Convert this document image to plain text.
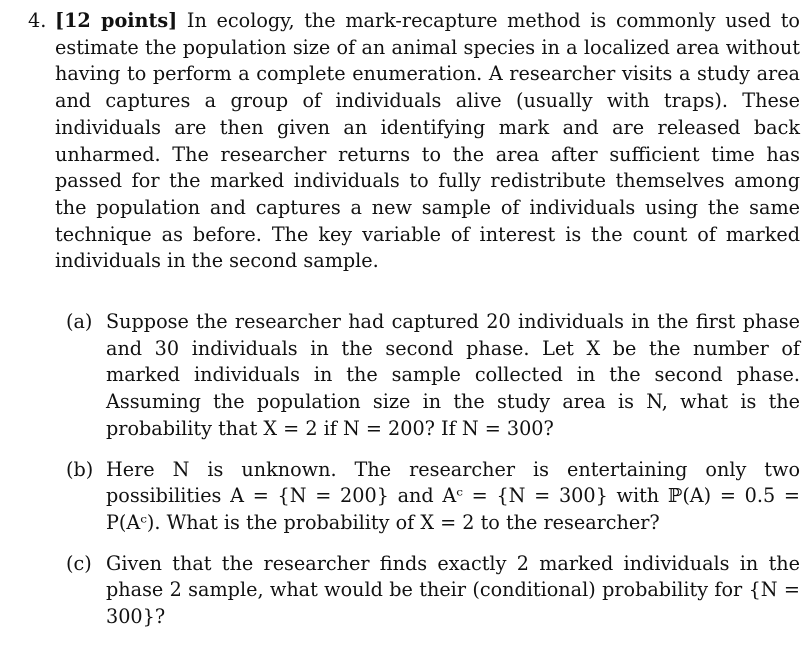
4. [12 points] In ecology, the mark-recapture method is commonly used to estimate the population size of an animal species in a localized area without having to perform a complete enumeration. A researcher visits a study area and captures a group of individuals alive (usually with traps). These individuals are then given an identifying mark and are released back unharmed. The researcher returns to the area after sufficient time has passed for the marked individuals to fully redistribute themselves among the population and captures a new sample of individuals using the same technique as before. The key variable of interest is the count of marked individuals in the second sample.
(a) Suppose the researcher had captured 20 individuals in the first phase and 30 individuals in the second phase. Let X be the number of marked individuals in the sample collected in the second phase. Assuming the population size in the study area is N, what is the probability that X = 2 if N = 200? If N = 300?
(b) Here N is unknown. The researcher is entertaining only two possibilities A = {N = 200} and Aᶜ = {N = 300} with ℙ(A) = 0.5 = P(Aᶜ). What is the probability of X = 2 to the researcher?
(c) Given that the researcher finds exactly 2 marked individuals in the phase 2 sample, what would be their (conditional) probability for {N = 300}?
